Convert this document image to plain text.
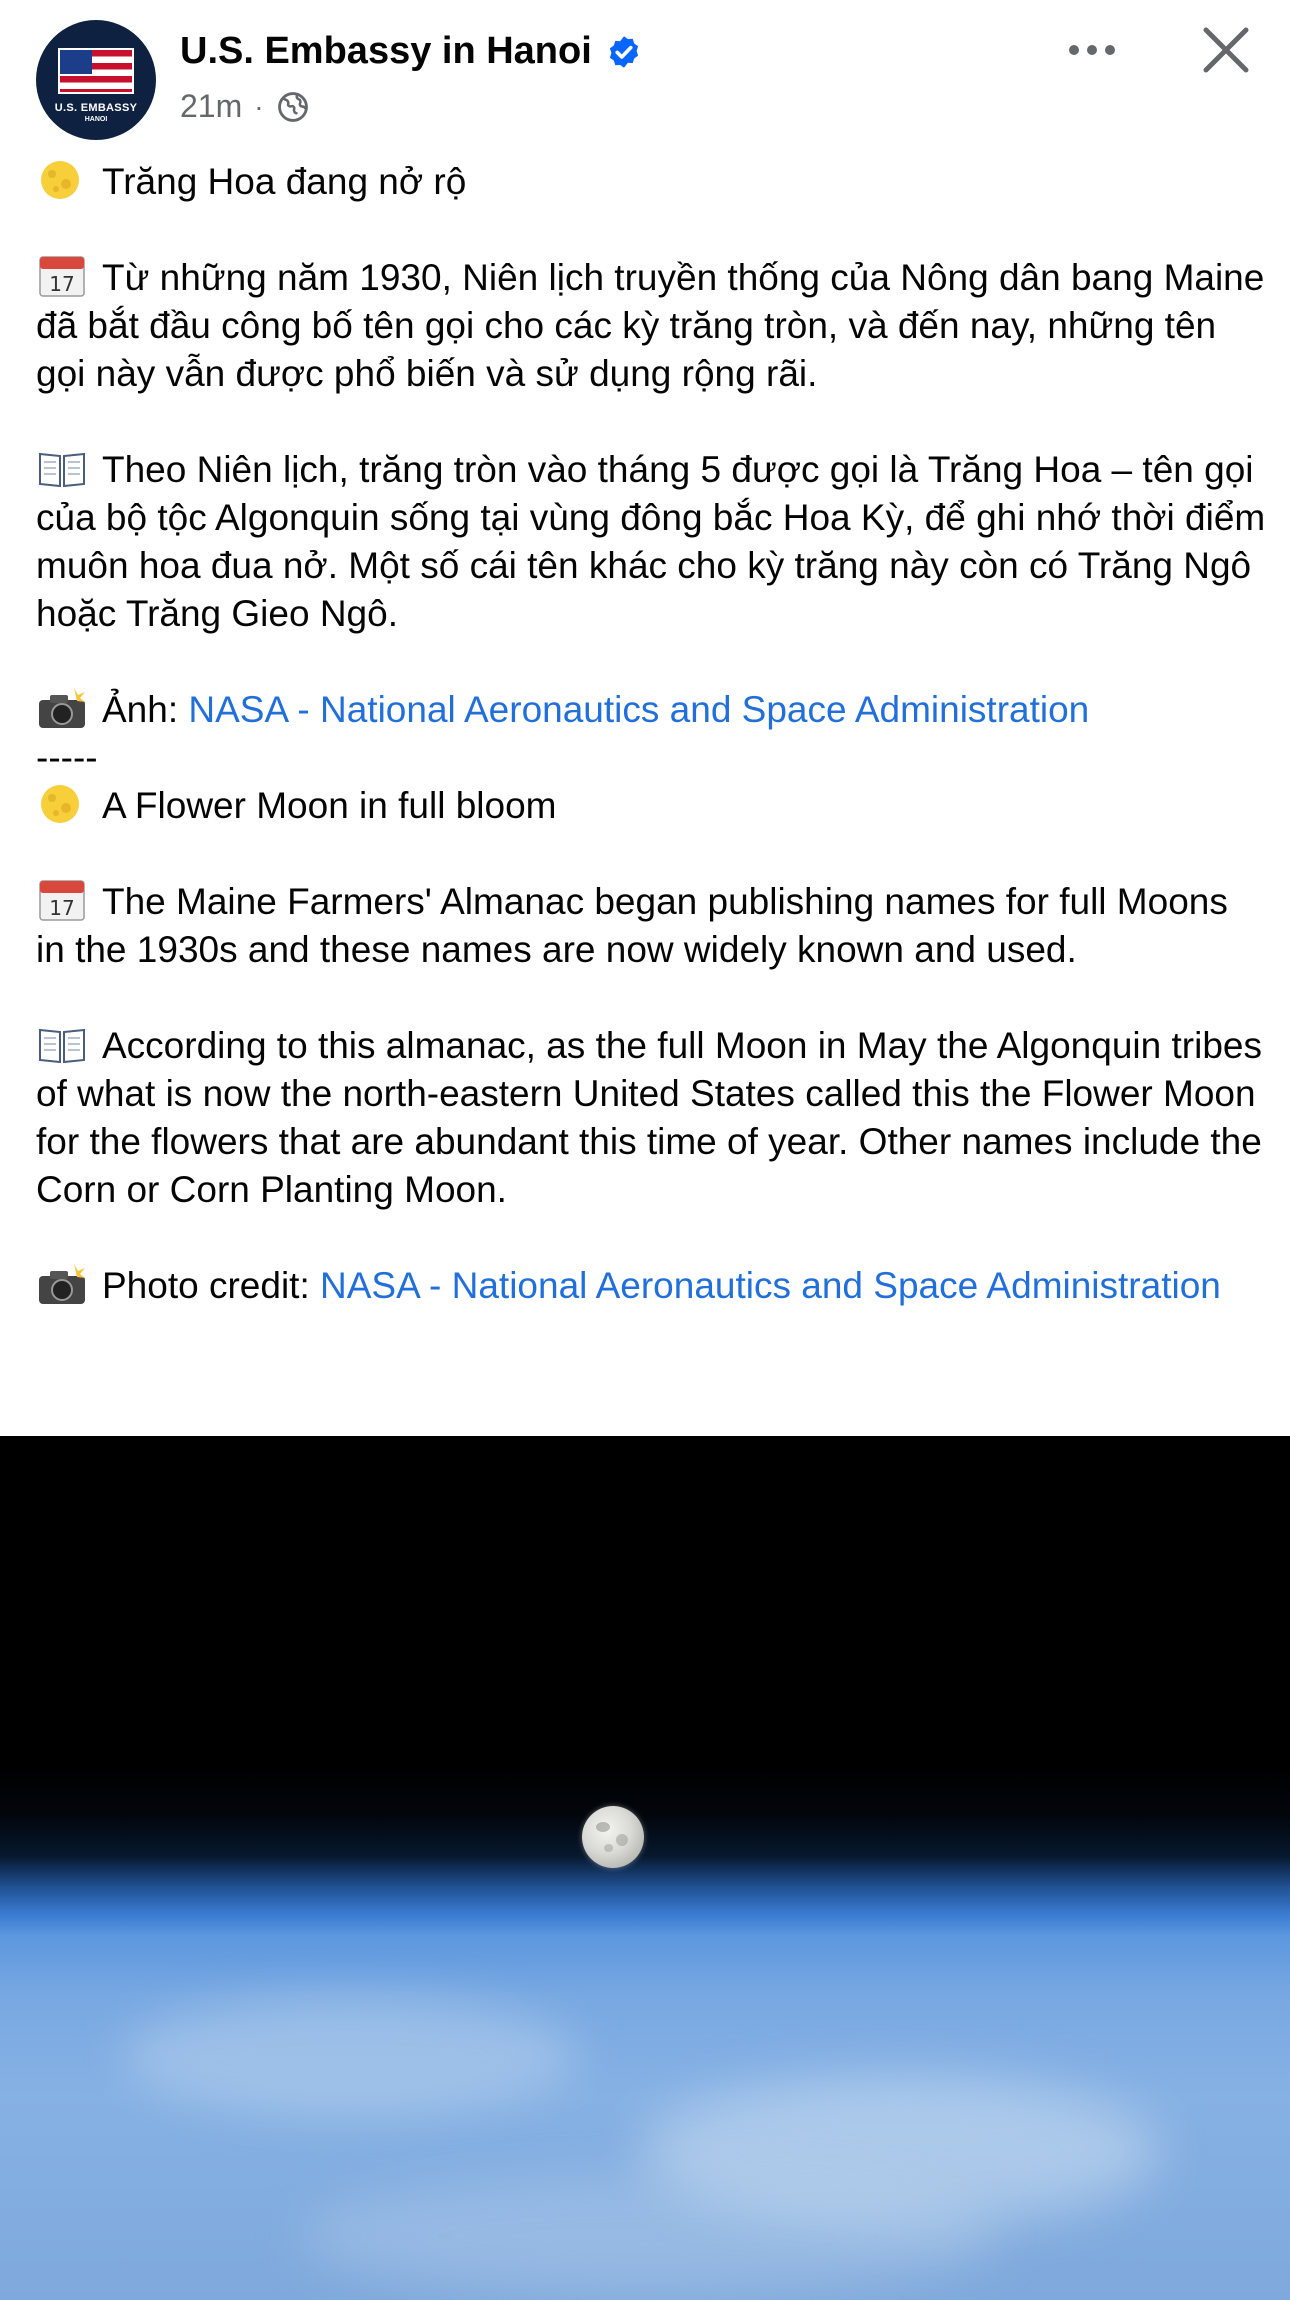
U.S. EMBASSY
HANOI
U.S. Embassy in Hanoi
21m ·
Trăng Hoa đang nở rộ
17 Từ những năm 1930, Niên lịch truyền thống của Nông dân bang Maine đã bắt đầu công bố tên gọi cho các kỳ trăng tròn, và đến nay, những tên gọi này vẫn được phổ biến và sử dụng rộng rãi.
Theo Niên lịch, trăng tròn vào tháng 5 được gọi là Trăng Hoa – tên gọi của bộ tộc Algonquin sống tại vùng đông bắc Hoa Kỳ, để ghi nhớ thời điểm muôn hoa đua nở. Một số cái tên khác cho kỳ trăng này còn có Trăng Ngô hoặc Trăng Gieo Ngô.
Ảnh: NASA - National Aeronautics and Space Administration
-----
A Flower Moon in full bloom
17 The Maine Farmers' Almanac began publishing names for full Moons in the 1930s and these names are now widely known and used.
According to this almanac, as the full Moon in May the Algonquin tribes of what is now the north-eastern United States called this the Flower Moon for the flowers that are abundant this time of year. Other names include the Corn or Corn Planting Moon.
Photo credit: NASA - National Aeronautics and Space Administration
